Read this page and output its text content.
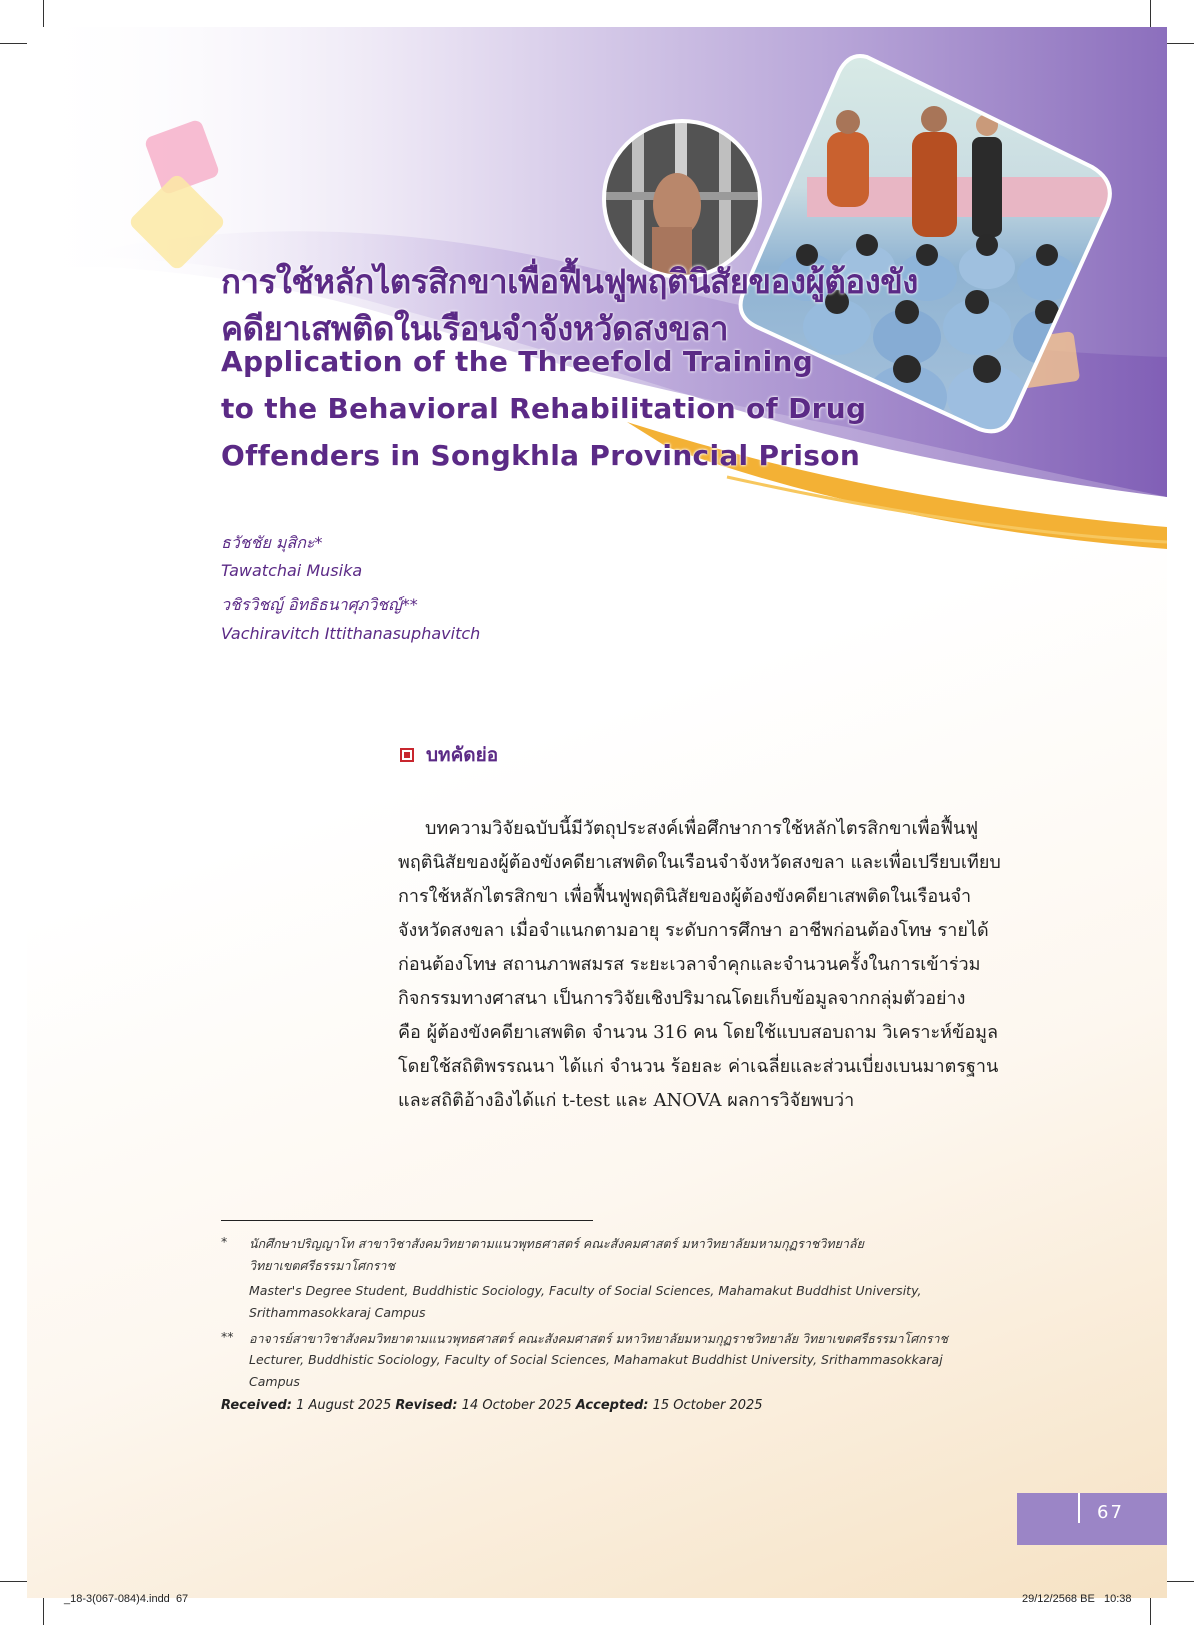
การใช้หลักไตรสิกขาเพื่อฟื้นฟูพฤตินิสัยของผู้ต้องขัง
คดียาเสพติดในเรือนจำจังหวัดสงขลา
Application of the Threefold Training
to the Behavioral Rehabilitation of Drug
Offenders in Songkhla Provincial Prison
ธวัชชัย มุสิกะ*
Tawatchai Musika
วชิรวิชญ์ อิทธิธนาศุภวิชญ์**
Vachiravitch Ittithanasuphavitch
บทคัดย่อ
บทความวิจัยฉบับนี้มีวัตถุประสงค์เพื่อศึกษาการใช้หลักไตรสิกขาเพื่อฟื้นฟู
พฤตินิสัยของผู้ต้องขังคดียาเสพติดในเรือนจำจังหวัดสงขลา และเพื่อเปรียบเทียบ
การใช้หลักไตรสิกขา เพื่อฟื้นฟูพฤตินิสัยของผู้ต้องขังคดียาเสพติดในเรือนจำ
จังหวัดสงขลา เมื่อจำแนกตามอายุ ระดับการศึกษา อาชีพก่อนต้องโทษ รายได้
ก่อนต้องโทษ สถานภาพสมรส ระยะเวลาจำคุกและจำนวนครั้งในการเข้าร่วม
กิจกรรมทางศาสนา เป็นการวิจัยเชิงปริมาณโดยเก็บข้อมูลจากกลุ่มตัวอย่าง
คือ ผู้ต้องขังคดียาเสพติด จำนวน 316 คน โดยใช้แบบสอบถาม วิเคราะห์ข้อมูล
โดยใช้สถิติพรรณนา ได้แก่ จำนวน ร้อยละ ค่าเฉลี่ยและส่วนเบี่ยงเบนมาตรฐาน
และสถิติอ้างอิงได้แก่ t-test และ ANOVA ผลการวิจัยพบว่า
* นักศึกษาปริญญาโท สาขาวิชาสังคมวิทยาตามแนวพุทธศาสตร์ คณะสังคมศาสตร์ มหาวิทยาลัยมหามกุฏราชวิทยาลัย
วิทยาเขตศรีธรรมาโศกราช
Master's Degree Student, Buddhistic Sociology, Faculty of Social Sciences, Mahamakut Buddhist University,
Srithammasokkaraj Campus
** อาจารย์สาขาวิชาสังคมวิทยาตามแนวพุทธศาสตร์ คณะสังคมศาสตร์ มหาวิทยาลัยมหามกุฏราชวิทยาลัย วิทยาเขตศรีธรรมาโศกราช
Lecturer, Buddhistic Sociology, Faculty of Social Sciences, Mahamakut Buddhist University, Srithammasokkaraj
Campus
Received: 1 August 2025 Revised: 14 October 2025 Accepted: 15 October 2025
67
_18-3(067-084)4.indd 67	29/12/2568 BE 10:38
